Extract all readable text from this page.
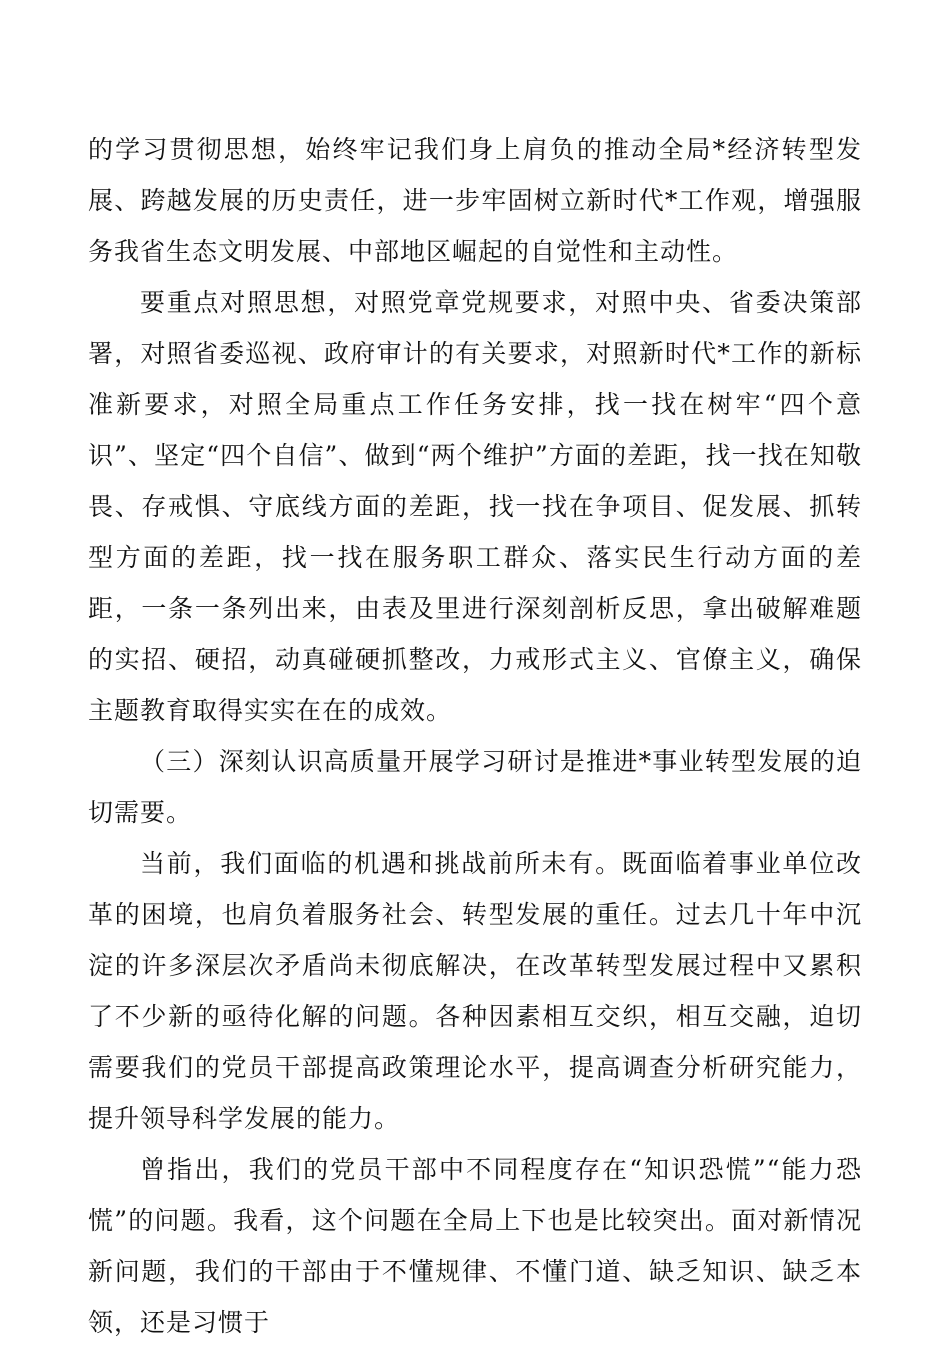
的学习贯彻思想，始终牢记我们身上肩负的推动全局*经济转型发展、跨越发展的历史责任，进一步牢固树立新时代*工作观，增强服务我省生态文明发展、中部地区崛起的自觉性和主动性。

要重点对照思想，对照党章党规要求，对照中央、省委决策部署，对照省委巡视、政府审计的有关要求，对照新时代*工作的新标准新要求，对照全局重点工作任务安排，找一找在树牢“四个意识”、坚定“四个自信”、做到“两个维护”方面的差距，找一找在知敬畏、存戒惧、守底线方面的差距，找一找在争项目、促发展、抓转型方面的差距，找一找在服务职工群众、落实民生行动方面的差距，一条一条列出来，由表及里进行深刻剖析反思，拿出破解难题的实招、硬招，动真碰硬抓整改，力戒形式主义、官僚主义，确保主题教育取得实实在在的成效。

（三）深刻认识高质量开展学习研讨是推进*事业转型发展的迫切需要。

当前，我们面临的机遇和挑战前所未有。既面临着事业单位改革的困境，也肩负着服务社会、转型发展的重任。过去几十年中沉淀的许多深层次矛盾尚未彻底解决，在改革转型发展过程中又累积了不少新的亟待化解的问题。各种因素相互交织，相互交融，迫切需要我们的党员干部提高政策理论水平，提高调查分析研究能力，提升领导科学发展的能力。

曾指出，我们的党员干部中不同程度存在“知识恐慌”“能力恐慌”的问题。我看，这个问题在全局上下也是比较突出。面对新情况新问题，我们的干部由于不懂规律、不懂门道、缺乏知识、缺乏本领，还是习惯于
